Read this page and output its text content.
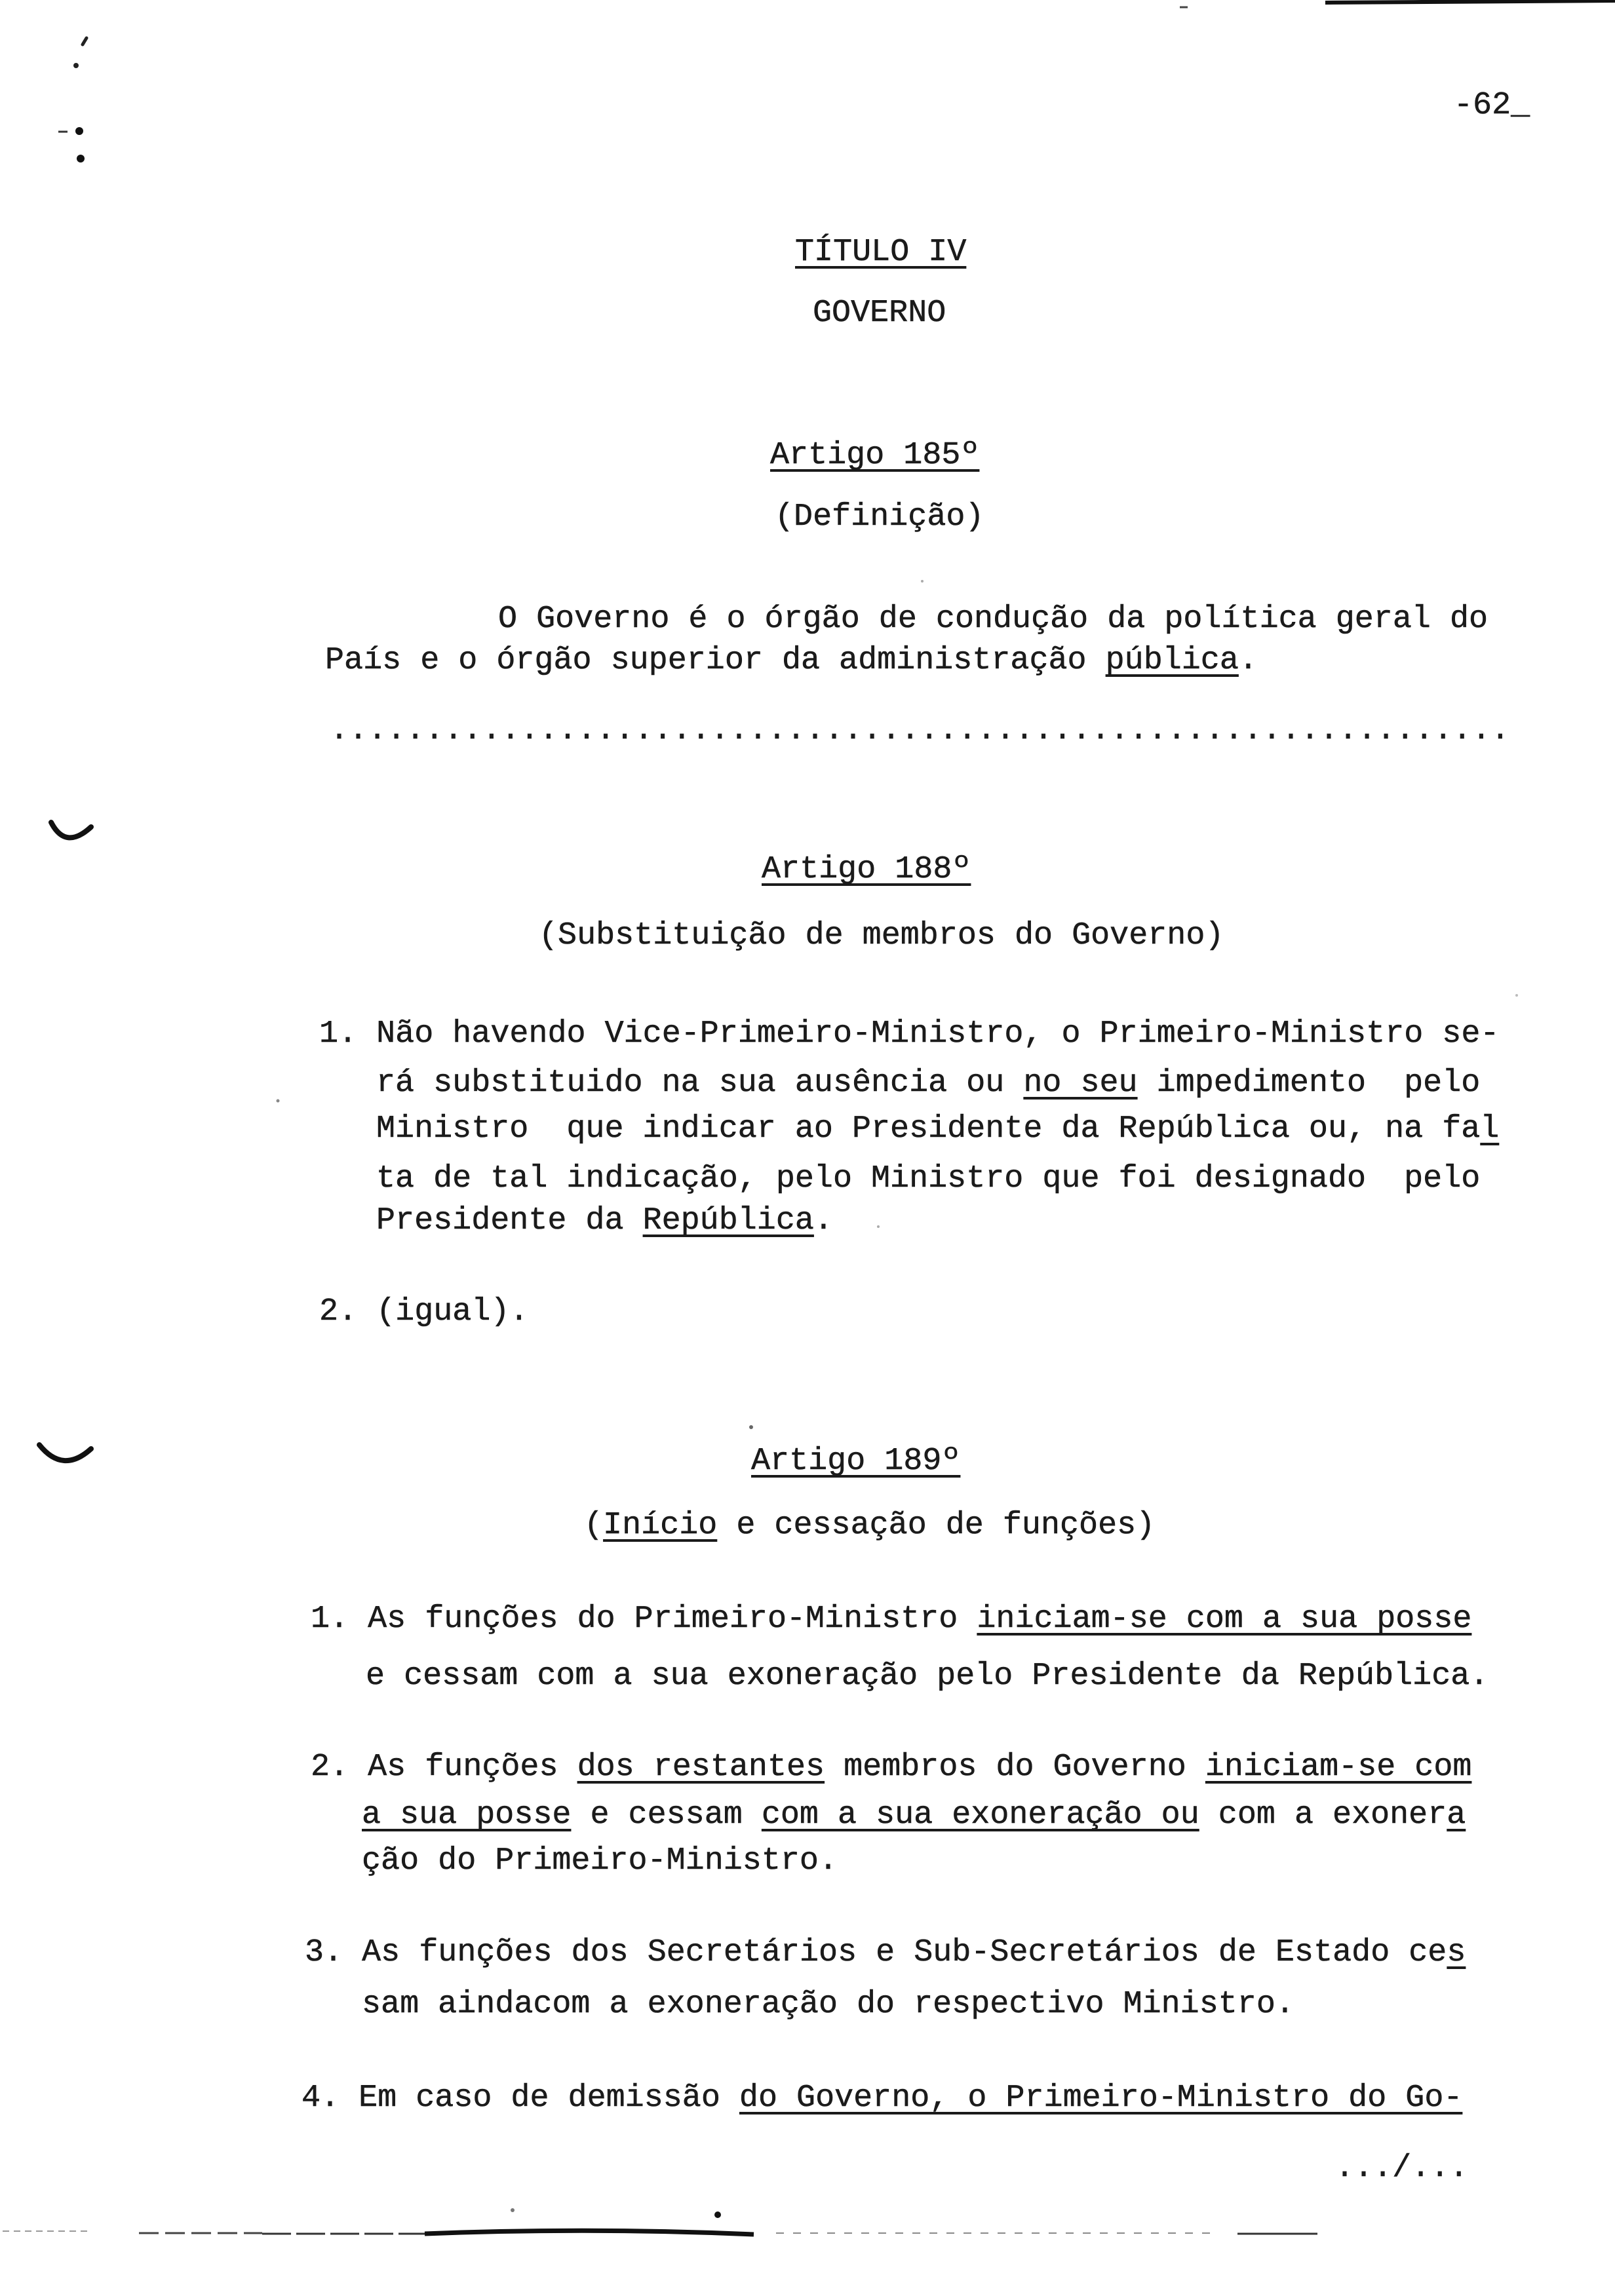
-62_
TÍTULO IV
GOVERNO
Artigo 185º
(Definição)
O Governo é o órgão de condução da política geral do
País e o órgão superior da administração pública.
..............................................................
Artigo 188º
(Substituição de membros do Governo)
1. Não havendo Vice-Primeiro-Ministro, o Primeiro-Ministro se-
rá substituido na sua ausência ou no seu impedimento  pelo
Ministro  que indicar ao Presidente da República ou, na fal
ta de tal indicação, pelo Ministro que foi designado  pelo
Presidente da República.
2. (igual).
Artigo 189º
(Início e cessação de funções)
1. As funções do Primeiro-Ministro iniciam-se com a sua posse
e cessam com a sua exoneração pelo Presidente da República.
2. As funções dos restantes membros do Governo iniciam-se com
a sua posse e cessam com a sua exoneração ou com a exonera
ção do Primeiro-Ministro.
3. As funções dos Secretários e Sub-Secretários de Estado ces
sam aindacom a exoneração do respectivo Ministro.
4. Em caso de demissão do Governo, o Primeiro-Ministro do Go-
.../...
